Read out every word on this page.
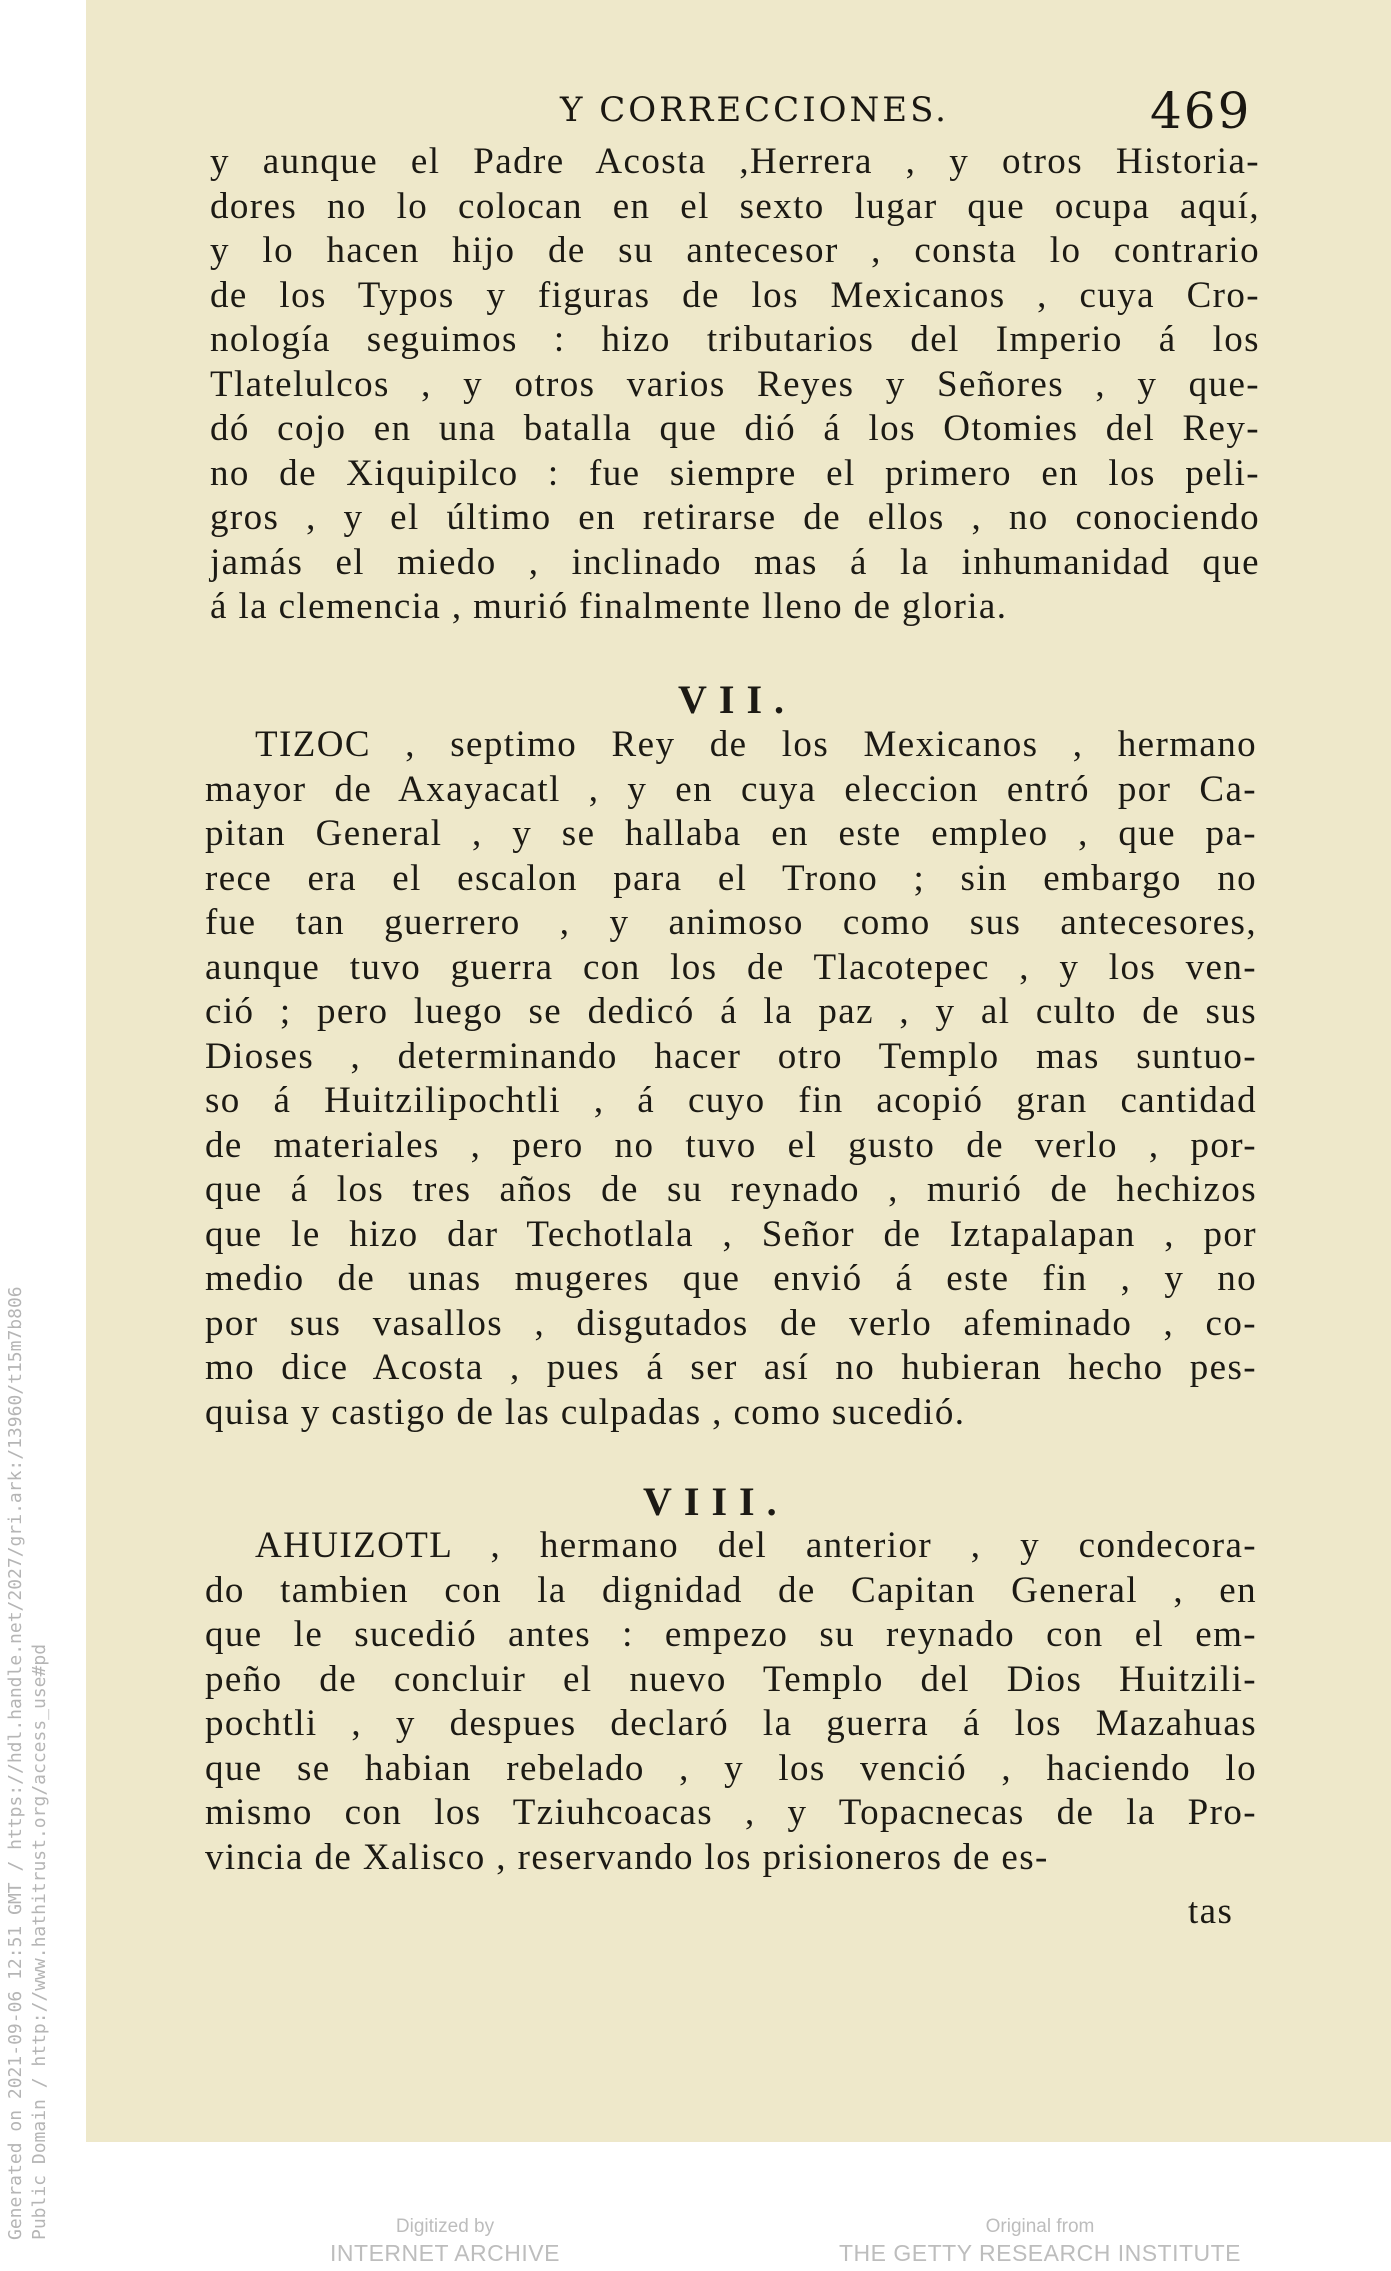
Generated on 2021-09-06 12:51 GMT / https://hdl.handle.net/2027/gri.ark:/13960/t15m7b806 Public Domain / http://www.hathitrust.org/access_use#pd
Y CORRECCIONES.	469
y aunque el Padre Acosta ,Herrera , y otros Historia-
dores no lo colocan en el sexto lugar que ocupa aquí,
y lo hacen hijo de su antecesor , consta lo contrario
de los Typos y figuras de los Mexicanos , cuya Cro-
nología seguimos : hizo tributarios del Imperio á los
Tlatelulcos , y otros varios Reyes y Señores , y que-
dó cojo en una batalla que dió á los Otomies del Rey-
no de Xiquipilco : fue siempre el primero en los peli-
gros , y el último en retirarse de ellos , no conociendo
jamás el miedo , inclinado mas á la inhumanidad que
á la clemencia , murió finalmente lleno de gloria.
VII.
TIZOC , septimo Rey de los Mexicanos , hermano
mayor de Axayacatl , y en cuya eleccion entró por Ca-
pitan General , y se hallaba en este empleo , que pa-
rece era el escalon para el Trono ; sin embargo no
fue tan guerrero , y animoso como sus antecesores,
aunque tuvo guerra con los de Tlacotepec , y los ven-
ció ; pero luego se dedicó á la paz , y al culto de sus
Dioses , determinando hacer otro Templo mas suntuo-
so á Huitzilipochtli , á cuyo fin acopió gran cantidad
de materiales , pero no tuvo el gusto de verlo , por-
que á los tres años de su reynado , murió de hechizos
que le hizo dar Techotlala , Señor de Iztapalapan , por
medio de unas mugeres que envió á este fin , y no
por sus vasallos , disgutados de verlo afeminado , co-
mo dice Acosta , pues á ser así no hubieran hecho pes-
quisa y castigo de las culpadas , como sucedió.
VIII.
AHUIZOTL , hermano del anterior , y condecora-
do tambien con la dignidad de Capitan General , en
que le sucedió antes : empezo su reynado con el em-
peño de concluir el nuevo Templo del Dios Huitzili-
pochtli , y despues declaró la guerra á los Mazahuas
que se habian rebelado , y los venció , haciendo lo
mismo con los Tziuhcoacas , y Topacnecas de la Pro-
vincia de Xalisco , reservando los prisioneros de es-
tas
Digitized by
INTERNET ARCHIVE
Original from
THE GETTY RESEARCH INSTITUTE
